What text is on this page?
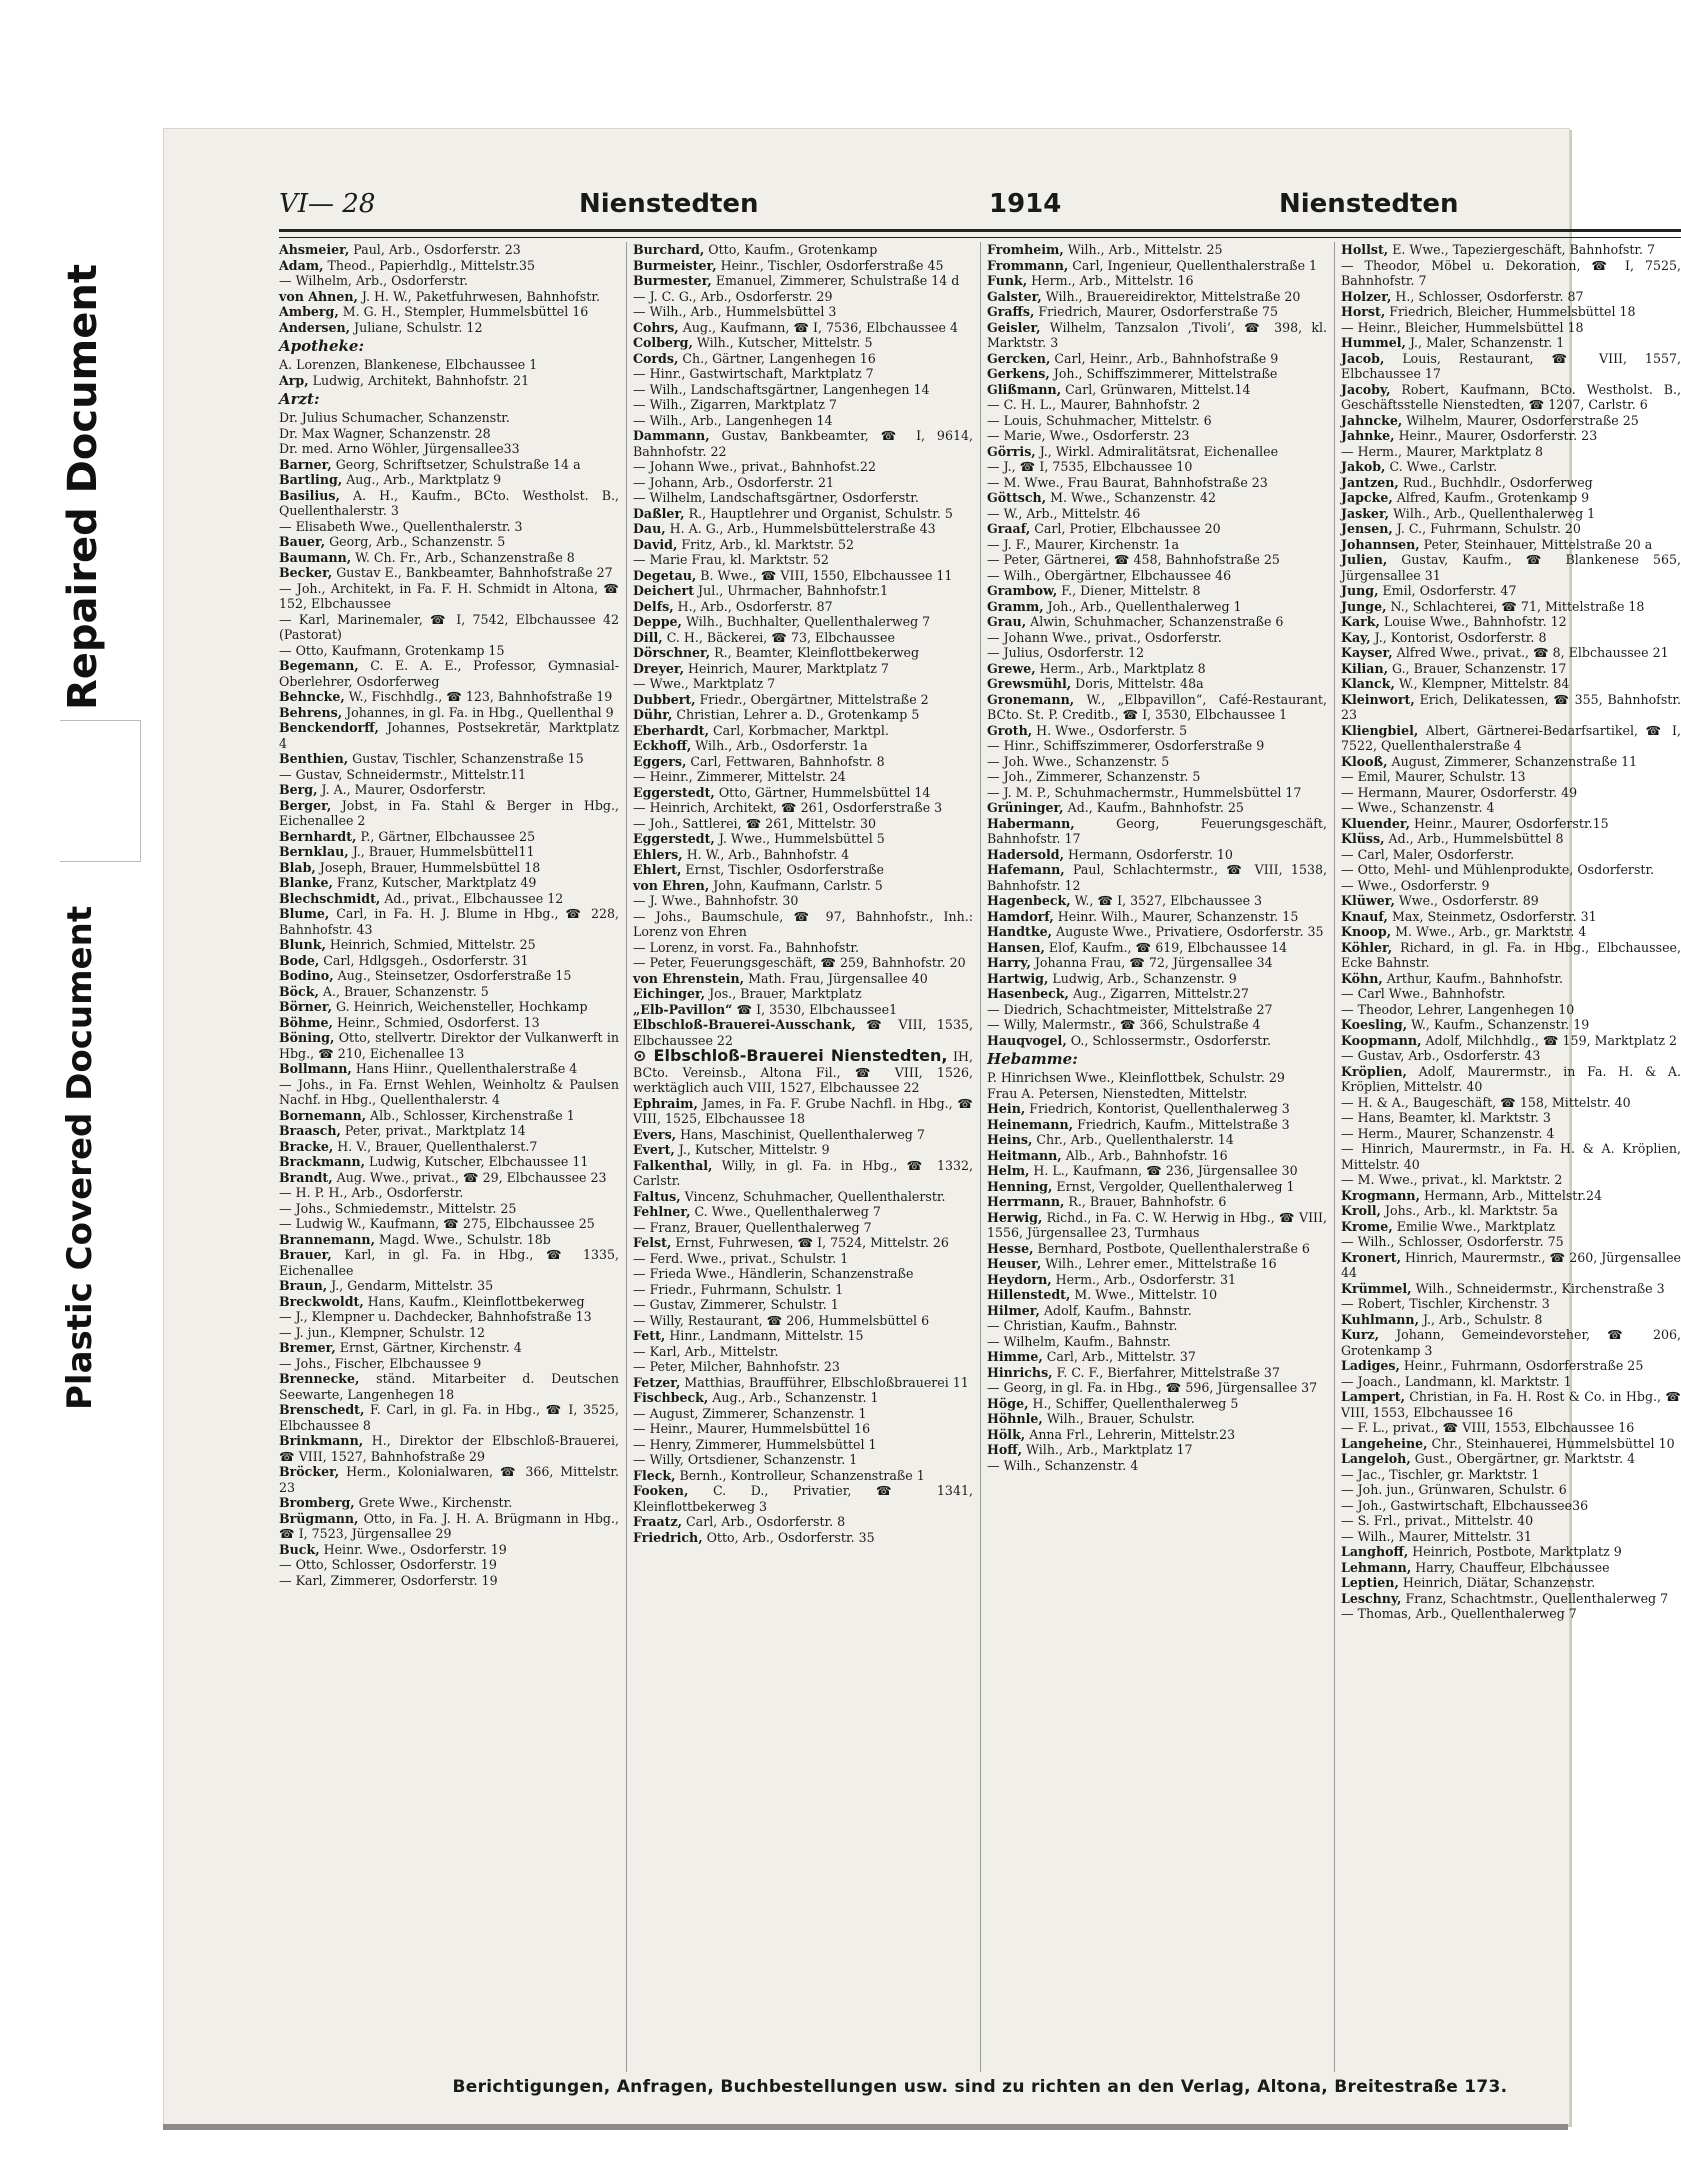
Repaired Document
Plastic Covered Document
VI— 28	Nienstedten	1914	Nienstedten

Ahsmeier, Paul, Arb., Osdorferstr. 23

Adam, Theod., Papierhdlg., Mittelstr.35

— Wilhelm, Arb., Osdorferstr.

von Ahnen, J. H. W., Paketfuhrwesen, Bahnhofstr.

Amberg, M. G. H., Stempler, Hummelsbüttel 16

Andersen, Juliane, Schulstr. 12

Apotheke:

A. Lorenzen, Blankenese, Elbchaussee 1

Arp, Ludwig, Architekt, Bahnhofstr. 21

Arzt:

Dr. Julius Schumacher, Schanzenstr.

Dr. Max Wagner, Schanzenstr. 28

Dr. med. Arno Wöhler, Jürgensallee33

Barner, Georg, Schriftsetzer, Schulstraße 14 a

Bartling, Aug., Arb., Marktplatz 9

Basilius, A. H., Kaufm., BCto. Westholst. B., Quellenthalerstr. 3

— Elisabeth Wwe., Quellenthalerstr. 3

Bauer, Georg, Arb., Schanzenstr. 5

Baumann, W. Ch. Fr., Arb., Schanzenstraße 8

Becker, Gustav E., Bankbeamter, Bahnhofstraße 27

— Joh., Architekt, in Fa. F. H. Schmidt in Altona, ☎ 152, Elbchaussee

— Karl, Marinemaler, ☎ I, 7542, Elbchaussee 42 (Pastorat)

— Otto, Kaufmann, Grotenkamp 15

Begemann, C. E. A. E., Professor, Gymnasial-Oberlehrer, Osdorferweg

Behncke, W., Fischhdlg., ☎ 123, Bahnhofstraße 19

Behrens, Johannes, in gl. Fa. in Hbg., Quellenthal 9

Benckendorff, Johannes, Postsekretär, Marktplatz 4

Benthien, Gustav, Tischler, Schanzenstraße 15

— Gustav, Schneidermstr., Mittelstr.11

Berg, J. A., Maurer, Osdorferstr.

Berger, Jobst, in Fa. Stahl & Berger in Hbg., Eichenallee 2

Bernhardt, P., Gärtner, Elbchaussee 25

Bernklau, J., Brauer, Hummelsbüttel11

Blab, Joseph, Brauer, Hummelsbüttel 18

Blanke, Franz, Kutscher, Marktplatz 49

Blechschmidt, Ad., privat., Elbchaussee 12

Blume, Carl, in Fa. H. J. Blume in Hbg., ☎ 228, Bahnhofstr. 43

Blunk, Heinrich, Schmied, Mittelstr. 25

Bode, Carl, Hdlgsgeh., Osdorferstr. 31

Bodino, Aug., Steinsetzer, Osdorferstraße 15

Böck, A., Brauer, Schanzenstr. 5

Börner, G. Heinrich, Weichensteller, Hochkamp

Böhme, Heinr., Schmied, Osdorferst. 13

Böning, Otto, stellvertr. Direktor der Vulkanwerft in Hbg., ☎ 210, Eichenallee 13

Bollmann, Hans Hiinr., Quellenthalerstraße 4

— Johs., in Fa. Ernst Wehlen, Weinholtz & Paulsen Nachf. in Hbg., Quellenthalerstr. 4

Bornemann, Alb., Schlosser, Kirchenstraße 1

Braasch, Peter, privat., Marktplatz 14

Bracke, H. V., Brauer, Quellenthalerst.7

Brackmann, Ludwig, Kutscher, Elbchaussee 11

Brandt, Aug. Wwe., privat., ☎ 29, Elbchaussee 23

— H. P. H., Arb., Osdorferstr.

— Johs., Schmiedemstr., Mittelstr. 25

— Ludwig W., Kaufmann, ☎ 275, Elbchaussee 25

Brannemann, Magd. Wwe., Schulstr. 18b

Brauer, Karl, in gl. Fa. in Hbg., ☎ 1335, Eichenallee

Braun, J., Gendarm, Mittelstr. 35

Breckwoldt, Hans, Kaufm., Kleinflottbekerweg

— J., Klempner u. Dachdecker, Bahnhofstraße 13

— J. jun., Klempner, Schulstr. 12

Bremer, Ernst, Gärtner, Kirchenstr. 4

— Johs., Fischer, Elbchaussee 9

Brennecke, ständ. Mitarbeiter d. Deutschen Seewarte, Langenhegen 18

Brenschedt, F. Carl, in gl. Fa. in Hbg., ☎ I, 3525, Elbchaussee 8

Brinkmann, H., Direktor der Elbschloß-Brauerei, ☎ VIII, 1527, Bahnhofstraße 29

Bröcker, Herm., Kolonialwaren, ☎ 366, Mittelstr. 23

Bromberg, Grete Wwe., Kirchenstr.

Brügmann, Otto, in Fa. J. H. A. Brügmann in Hbg., ☎ I, 7523, Jürgensallee 29

Buck, Heinr. Wwe., Osdorferstr. 19

— Otto, Schlosser, Osdorferstr. 19

— Karl, Zimmerer, Osdorferstr. 19

Burchard, Otto, Kaufm., Grotenkamp

Burmeister, Heinr., Tischler, Osdorferstraße 45

Burmester, Emanuel, Zimmerer, Schulstraße 14 d

— J. C. G., Arb., Osdorferstr. 29

— Wilh., Arb., Hummelsbüttel 3

Cohrs, Aug., Kaufmann, ☎ I, 7536, Elbchaussee 4

Colberg, Wilh., Kutscher, Mittelstr. 5

Cords, Ch., Gärtner, Langenhegen 16

— Hinr., Gastwirtschaft, Marktplatz 7

— Wilh., Landschaftsgärtner, Langenhegen 14

— Wilh., Zigarren, Marktplatz 7

— Wilh., Arb., Langenhegen 14

Dammann, Gustav, Bankbeamter, ☎ I, 9614, Bahnhofstr. 22

— Johann Wwe., privat., Bahnhofst.22

— Johann, Arb., Osdorferstr. 21

— Wilhelm, Landschaftsgärtner, Osdorferstr.

Daßler, R., Hauptlehrer und Organist, Schulstr. 5

Dau, H. A. G., Arb., Hummelsbüttelerstraße 43

David, Fritz, Arb., kl. Marktstr. 52

— Marie Frau, kl. Marktstr. 52

Degetau, B. Wwe., ☎ VIII, 1550, Elbchaussee 11

Deichert Jul., Uhrmacher, Bahnhofstr.1

Delfs, H., Arb., Osdorferstr. 87

Deppe, Wilh., Buchhalter, Quellenthalerweg 7

Dill, C. H., Bäckerei, ☎ 73, Elbchaussee

Dörschner, R., Beamter, Kleinflottbekerweg

Dreyer, Heinrich, Maurer, Marktplatz 7

— Wwe., Marktplatz 7

Dubbert, Friedr., Obergärtner, Mittelstraße 2

Dühr, Christian, Lehrer a. D., Grotenkamp 5

Eberhardt, Carl, Korbmacher, Marktpl.

Eckhoff, Wilh., Arb., Osdorferstr. 1a

Eggers, Carl, Fettwaren, Bahnhofstr. 8

— Heinr., Zimmerer, Mittelstr. 24

Eggerstedt, Otto, Gärtner, Hummelsbüttel 14

— Heinrich, Architekt, ☎ 261, Osdorferstraße 3

— Joh., Sattlerei, ☎ 261, Mittelstr. 30

Eggerstedt, J. Wwe., Hummelsbüttel 5

Ehlers, H. W., Arb., Bahnhofstr. 4

Ehlert, Ernst, Tischler, Osdorferstraße

von Ehren, John, Kaufmann, Carlstr. 5

— J. Wwe., Bahnhofstr. 30

— Johs., Baumschule, ☎ 97, Bahnhofstr., Inh.: Lorenz von Ehren

— Lorenz, in vorst. Fa., Bahnhofstr.

— Peter, Feuerungsgeschäft, ☎ 259, Bahnhofstr. 20

von Ehrenstein, Math. Frau, Jürgensallee 40

Eichinger, Jos., Brauer, Marktplatz

„Elb-Pavillon“ ☎ I, 3530, Elbchaussee1

Elbschloß-Brauerei-Ausschank, ☎ VIII, 1535, Elbchaussee 22

⊙ Elbschloß-Brauerei Nienstedten, IH, BCto. Vereinsb., Altona Fil., ☎ VIII, 1526, werktäglich auch VIII, 1527, Elbchaussee 22

Ephraim, James, in Fa. F. Grube Nachfl. in Hbg., ☎ VIII, 1525, Elbchaussee 18

Evers, Hans, Maschinist, Quellenthalerweg 7

Evert, J., Kutscher, Mittelstr. 9

Falkenthal, Willy, in gl. Fa. in Hbg., ☎ 1332, Carlstr.

Faltus, Vincenz, Schuhmacher, Quellenthalerstr.

Fehlner, C. Wwe., Quellenthalerweg 7

— Franz, Brauer, Quellenthalerweg 7

Felst, Ernst, Fuhrwesen, ☎ I, 7524, Mittelstr. 26

— Ferd. Wwe., privat., Schulstr. 1

— Frieda Wwe., Händlerin, Schanzenstraße

— Friedr., Fuhrmann, Schulstr. 1

— Gustav, Zimmerer, Schulstr. 1

— Willy, Restaurant, ☎ 206, Hummelsbüttel 6

Fett, Hinr., Landmann, Mittelstr. 15

— Karl, Arb., Mittelstr.

— Peter, Milcher, Bahnhofstr. 23

Fetzer, Matthias, Braufführer, Elbschloßbrauerei 11

Fischbeck, Aug., Arb., Schanzenstr. 1

— August, Zimmerer, Schanzenstr. 1

— Heinr., Maurer, Hummelsbüttel 16

— Henry, Zimmerer, Hummelsbüttel 1

— Willy, Ortsdiener, Schanzenstr. 1

Fleck, Bernh., Kontrolleur, Schanzenstraße 1

Fooken, C. D., Privatier, ☎ 1341, Kleinflottbekerweg 3

Fraatz, Carl, Arb., Osdorferstr. 8

Friedrich, Otto, Arb., Osdorferstr. 35

Fromheim, Wilh., Arb., Mittelstr. 25

Frommann, Carl, Ingenieur, Quellenthalerstraße 1

Funk, Herm., Arb., Mittelstr. 16

Galster, Wilh., Brauereidirektor, Mittelstraße 20

Graffs, Friedrich, Maurer, Osdorferstraße 75

Geisler, Wilhelm, Tanzsalon ‚Tivoli‘, ☎ 398, kl. Marktstr. 3

Gercken, Carl, Heinr., Arb., Bahnhofstraße 9

Gerkens, Joh., Schiffszimmerer, Mittelstraße

Glißmann, Carl, Grünwaren, Mittelst.14

— C. H. L., Maurer, Bahnhofstr. 2

— Louis, Schuhmacher, Mittelstr. 6

— Marie, Wwe., Osdorferstr. 23

Görris, J., Wirkl. Admiralitätsrat, Eichenallee

— J., ☎ I, 7535, Elbchaussee 10

— M. Wwe., Frau Baurat, Bahnhofstraße 23

Göttsch, M. Wwe., Schanzenstr. 42

— W., Arb., Mittelstr. 46

Graaf, Carl, Protier, Elbchaussee 20

— J. F., Maurer, Kirchenstr. 1a

— Peter, Gärtnerei, ☎ 458, Bahnhofstraße 25

— Wilh., Obergärtner, Elbchaussee 46

Grambow, F., Diener, Mittelstr. 8

Gramm, Joh., Arb., Quellenthalerweg 1

Grau, Alwin, Schuhmacher, Schanzenstraße 6

— Johann Wwe., privat., Osdorferstr.

— Julius, Osdorferstr. 12

Grewe, Herm., Arb., Marktplatz 8

Grewsmühl, Doris, Mittelstr. 48a

Gronemann, W., „Elbpavillon“, Café-Restaurant, BCto. St. P. Creditb., ☎ I, 3530, Elbchaussee 1

Groth, H. Wwe., Osdorferstr. 5

— Hinr., Schiffszimmerer, Osdorferstraße 9

— Joh. Wwe., Schanzenstr. 5

— Joh., Zimmerer, Schanzenstr. 5

— J. M. P., Schuhmachermstr., Hummelsbüttel 17

Grüninger, Ad., Kaufm., Bahnhofstr. 25

Habermann,	Georg, Feuerungsgeschäft, Bahnhofstr. 17

Hadersold, Hermann, Osdorferstr. 10

Hafemann, Paul, Schlachtermstr., ☎ VIII, 1538, Bahnhofstr. 12

Hagenbeck, W., ☎ I, 3527, Elbchaussee 3

Hamdorf, Heinr. Wilh., Maurer, Schanzenstr. 15

Handtke, Auguste Wwe., Privatiere, Osdorferstr. 35

Hansen, Elof, Kaufm., ☎ 619, Elbchaussee 14

Harry, Johanna Frau, ☎ 72, Jürgensallee 34

Hartwig, Ludwig, Arb., Schanzenstr. 9

Hasenbeck, Aug., Zigarren, Mittelstr.27

— Diedrich, Schachtmeister, Mittelstraße 27

— Willy, Malermstr., ☎ 366, Schulstraße 4

Hauqvogel, O., Schlossermstr., Osdorferstr.

Hebamme:

P. Hinrichsen Wwe., Kleinflottbek, Schulstr. 29

Frau A. Petersen, Nienstedten, Mittelstr.

Hein, Friedrich, Kontorist, Quellenthalerweg 3

Heinemann, Friedrich, Kaufm., Mittelstraße 3

Heins, Chr., Arb., Quellenthalerstr. 14

Heitmann, Alb., Arb., Bahnhofstr. 16

Helm, H. L., Kaufmann, ☎ 236, Jürgensallee 30

Henning, Ernst, Vergolder, Quellenthalerweg 1

Herrmann, R., Brauer, Bahnhofstr. 6

Herwig, Richd., in Fa. C. W. Herwig in Hbg., ☎ VIII, 1556, Jürgensallee 23, Turmhaus

Hesse, Bernhard, Postbote, Quellenthalerstraße 6

Heuser, Wilh., Lehrer emer., Mittelstraße 16

Heydorn, Herm., Arb., Osdorferstr. 31

Hillenstedt, M. Wwe., Mittelstr. 10

Hilmer, Adolf, Kaufm., Bahnstr.

— Christian, Kaufm., Bahnstr.

— Wilhelm, Kaufm., Bahnstr.

Himme, Carl, Arb., Mittelstr. 37

Hinrichs, F. C. F., Bierfahrer, Mittelstraße 37

— Georg, in gl. Fa. in Hbg., ☎ 596, Jürgensallee 37

Höge, H., Schiffer, Quellenthalerweg 5

Höhnle, Wilh., Brauer, Schulstr.

Hölk, Anna Frl., Lehrerin, Mittelstr.23

Hoff, Wilh., Arb., Marktplatz 17

— Wilh., Schanzenstr. 4

Hollst, E. Wwe., Tapeziergeschäft, Bahnhofstr. 7

— Theodor, Möbel u. Dekoration, ☎ I, 7525, Bahnhofstr. 7

Holzer, H., Schlosser, Osdorferstr. 87

Horst, Friedrich, Bleicher, Hummelsbüttel 18

— Heinr., Bleicher, Hummelsbüttel 18

Hummel, J., Maler, Schanzenstr. 1

Jacob, Louis, Restaurant, ☎ VIII, 1557, Elbchaussee 17

Jacoby, Robert, Kaufmann, BCto. Westholst. B., Geschäftsstelle Nienstedten, ☎ 1207, Carlstr. 6

Jahncke, Wilhelm, Maurer, Osdorferstraße 25

Jahnke, Heinr., Maurer, Osdorferstr. 23

— Herm., Maurer, Marktplatz 8

Jakob, C. Wwe., Carlstr.

Jantzen, Rud., Buchhdlr., Osdorferweg

Japcke, Alfred, Kaufm., Grotenkamp 9

Jasker, Wilh., Arb., Quellenthalerweg 1

Jensen, J. C., Fuhrmann, Schulstr. 20

Johannsen, Peter, Steinhauer, Mittelstraße 20 a

Julien, Gustav, Kaufm., ☎ Blankenese 565, Jürgensallee 31

Jung, Emil, Osdorferstr. 47

Junge, N., Schlachterei, ☎ 71, Mittelstraße 18

Kark, Louise Wwe., Bahnhofstr. 12

Kay, J., Kontorist, Osdorferstr. 8

Kayser, Alfred Wwe., privat., ☎ 8, Elbchaussee 21

Kilian, G., Brauer, Schanzenstr. 17

Klanck, W., Klempner, Mittelstr. 84

Kleinwort, Erich, Delikatessen, ☎ 355, Bahnhofstr. 23

Kliengbiel, Albert, Gärtnerei-Bedarfsartikel, ☎ I, 7522, Quellenthalerstraße 4

Klooß, August, Zimmerer, Schanzenstraße 11

— Emil, Maurer, Schulstr. 13

— Hermann, Maurer, Osdorferstr. 49

— Wwe., Schanzenstr. 4

Kluender, Heinr., Maurer, Osdorferstr.15

Klüss, Ad., Arb., Hummelsbüttel 8

— Carl, Maler, Osdorferstr.

— Otto, Mehl- und Mühlenprodukte, Osdorferstr.

— Wwe., Osdorferstr. 9

Klüwer, Wwe., Osdorferstr. 89

Knauf, Max, Steinmetz, Osdorferstr. 31

Knoop, M. Wwe., Arb., gr. Marktstr. 4

Köhler, Richard, in gl. Fa. in Hbg., Elbchaussee, Ecke Bahnstr.

Köhn, Arthur, Kaufm., Bahnhofstr.

— Carl Wwe., Bahnhofstr.

— Theodor, Lehrer, Langenhegen 10

Koesling, W., Kaufm., Schanzenstr. 19

Koopmann, Adolf, Milchhdlg., ☎ 159, Marktplatz 2

— Gustav, Arb., Osdorferstr. 43

Kröplien, Adolf, Maurermstr., in Fa. H. & A. Kröplien, Mittelstr. 40

— H. & A., Baugeschäft, ☎ 158, Mittelstr. 40

— Hans, Beamter, kl. Marktstr. 3

— Herm., Maurer, Schanzenstr. 4

— Hinrich, Maurermstr., in Fa. H. & A. Kröplien, Mittelstr. 40

— M. Wwe., privat., kl. Marktstr. 2

Krogmann, Hermann, Arb., Mittelstr.24

Kroll, Johs., Arb., kl. Marktstr. 5a

Krome, Emilie Wwe., Marktplatz

— Wilh., Schlosser, Osdorferstr. 75

Kronert, Hinrich, Maurermstr., ☎ 260, Jürgensallee 44

Krümmel, Wilh., Schneidermstr., Kirchenstraße 3

— Robert, Tischler, Kirchenstr. 3

Kuhlmann, J., Arb., Schulstr. 8

Kurz, Johann, Gemeindevorsteher, ☎ 206, Grotenkamp 3

Ladiges, Heinr., Fuhrmann, Osdorferstraße 25

— Joach., Landmann, kl. Marktstr. 1

Lampert, Christian, in Fa. H. Rost & Co. in Hbg., ☎ VIII, 1553, Elbchaussee 16

— F. L., privat., ☎ VIII, 1553, Elbchaussee 16

Langeheine, Chr., Steinhauerei, Hummelsbüttel 10

Langeloh, Gust., Obergärtner, gr. Marktstr. 4

— Jac., Tischler, gr. Marktstr. 1

— Joh. jun., Grünwaren, Schulstr. 6

— Joh., Gastwirtschaft, Elbchaussee36

— S. Frl., privat., Mittelstr. 40

— Wilh., Maurer, Mittelstr. 31

Langhoff, Heinrich, Postbote, Marktplatz 9

Lehmann, Harry, Chauffeur, Elbchaussee

Leptien, Heinrich, Diätar, Schanzenstr.

Leschny, Franz, Schachtmstr., Quellenthalerweg 7

— Thomas, Arb., Quellenthalerweg 7

Berichtigungen, Anfragen, Buchbestellungen usw. sind zu richten an den Verlag, Altona, Breitestraße 173.
